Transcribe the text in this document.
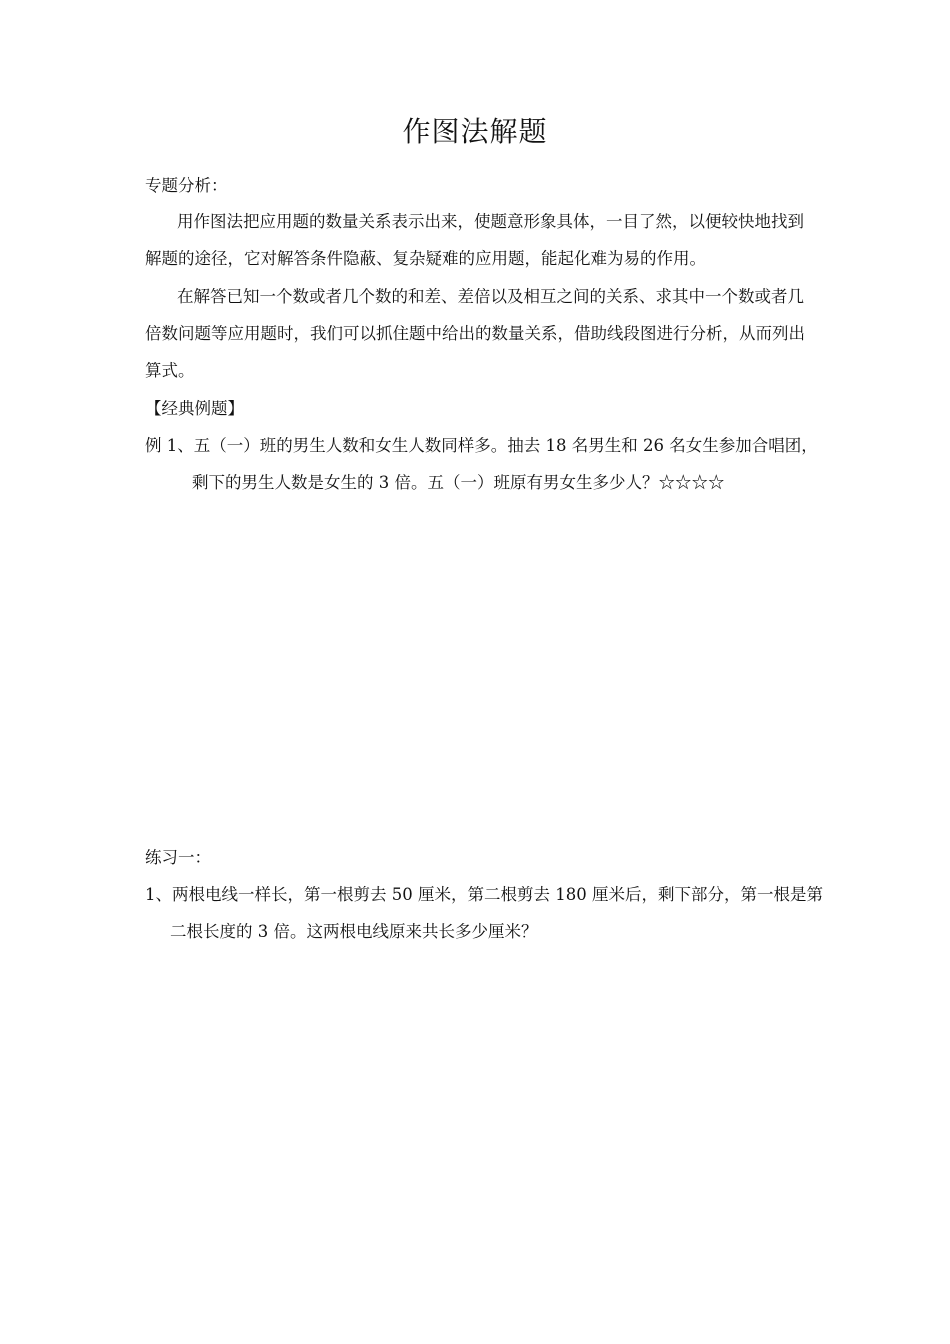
作图法解题
专题分析：
用作图法把应用题的数量关系表示出来，使题意形象具体，一目了然，以便较快地找到
解题的途径，它对解答条件隐蔽、复杂疑难的应用题，能起化难为易的作用。
在解答已知一个数或者几个数的和差、差倍以及相互之间的关系、求其中一个数或者几
倍数问题等应用题时，我们可以抓住题中给出的数量关系，借助线段图进行分析，从而列出
算式。
【经典例题】
例 1、五（一）班的男生人数和女生人数同样多。抽去 18 名男生和 26 名女生参加合唱团，
剩下的男生人数是女生的 3 倍。五（一）班原有男女生多少人？☆☆☆☆
练习一：
1、两根电线一样长，第一根剪去 50 厘米，第二根剪去 180 厘米后，剩下部分，第一根是第
二根长度的 3 倍。这两根电线原来共长多少厘米？
